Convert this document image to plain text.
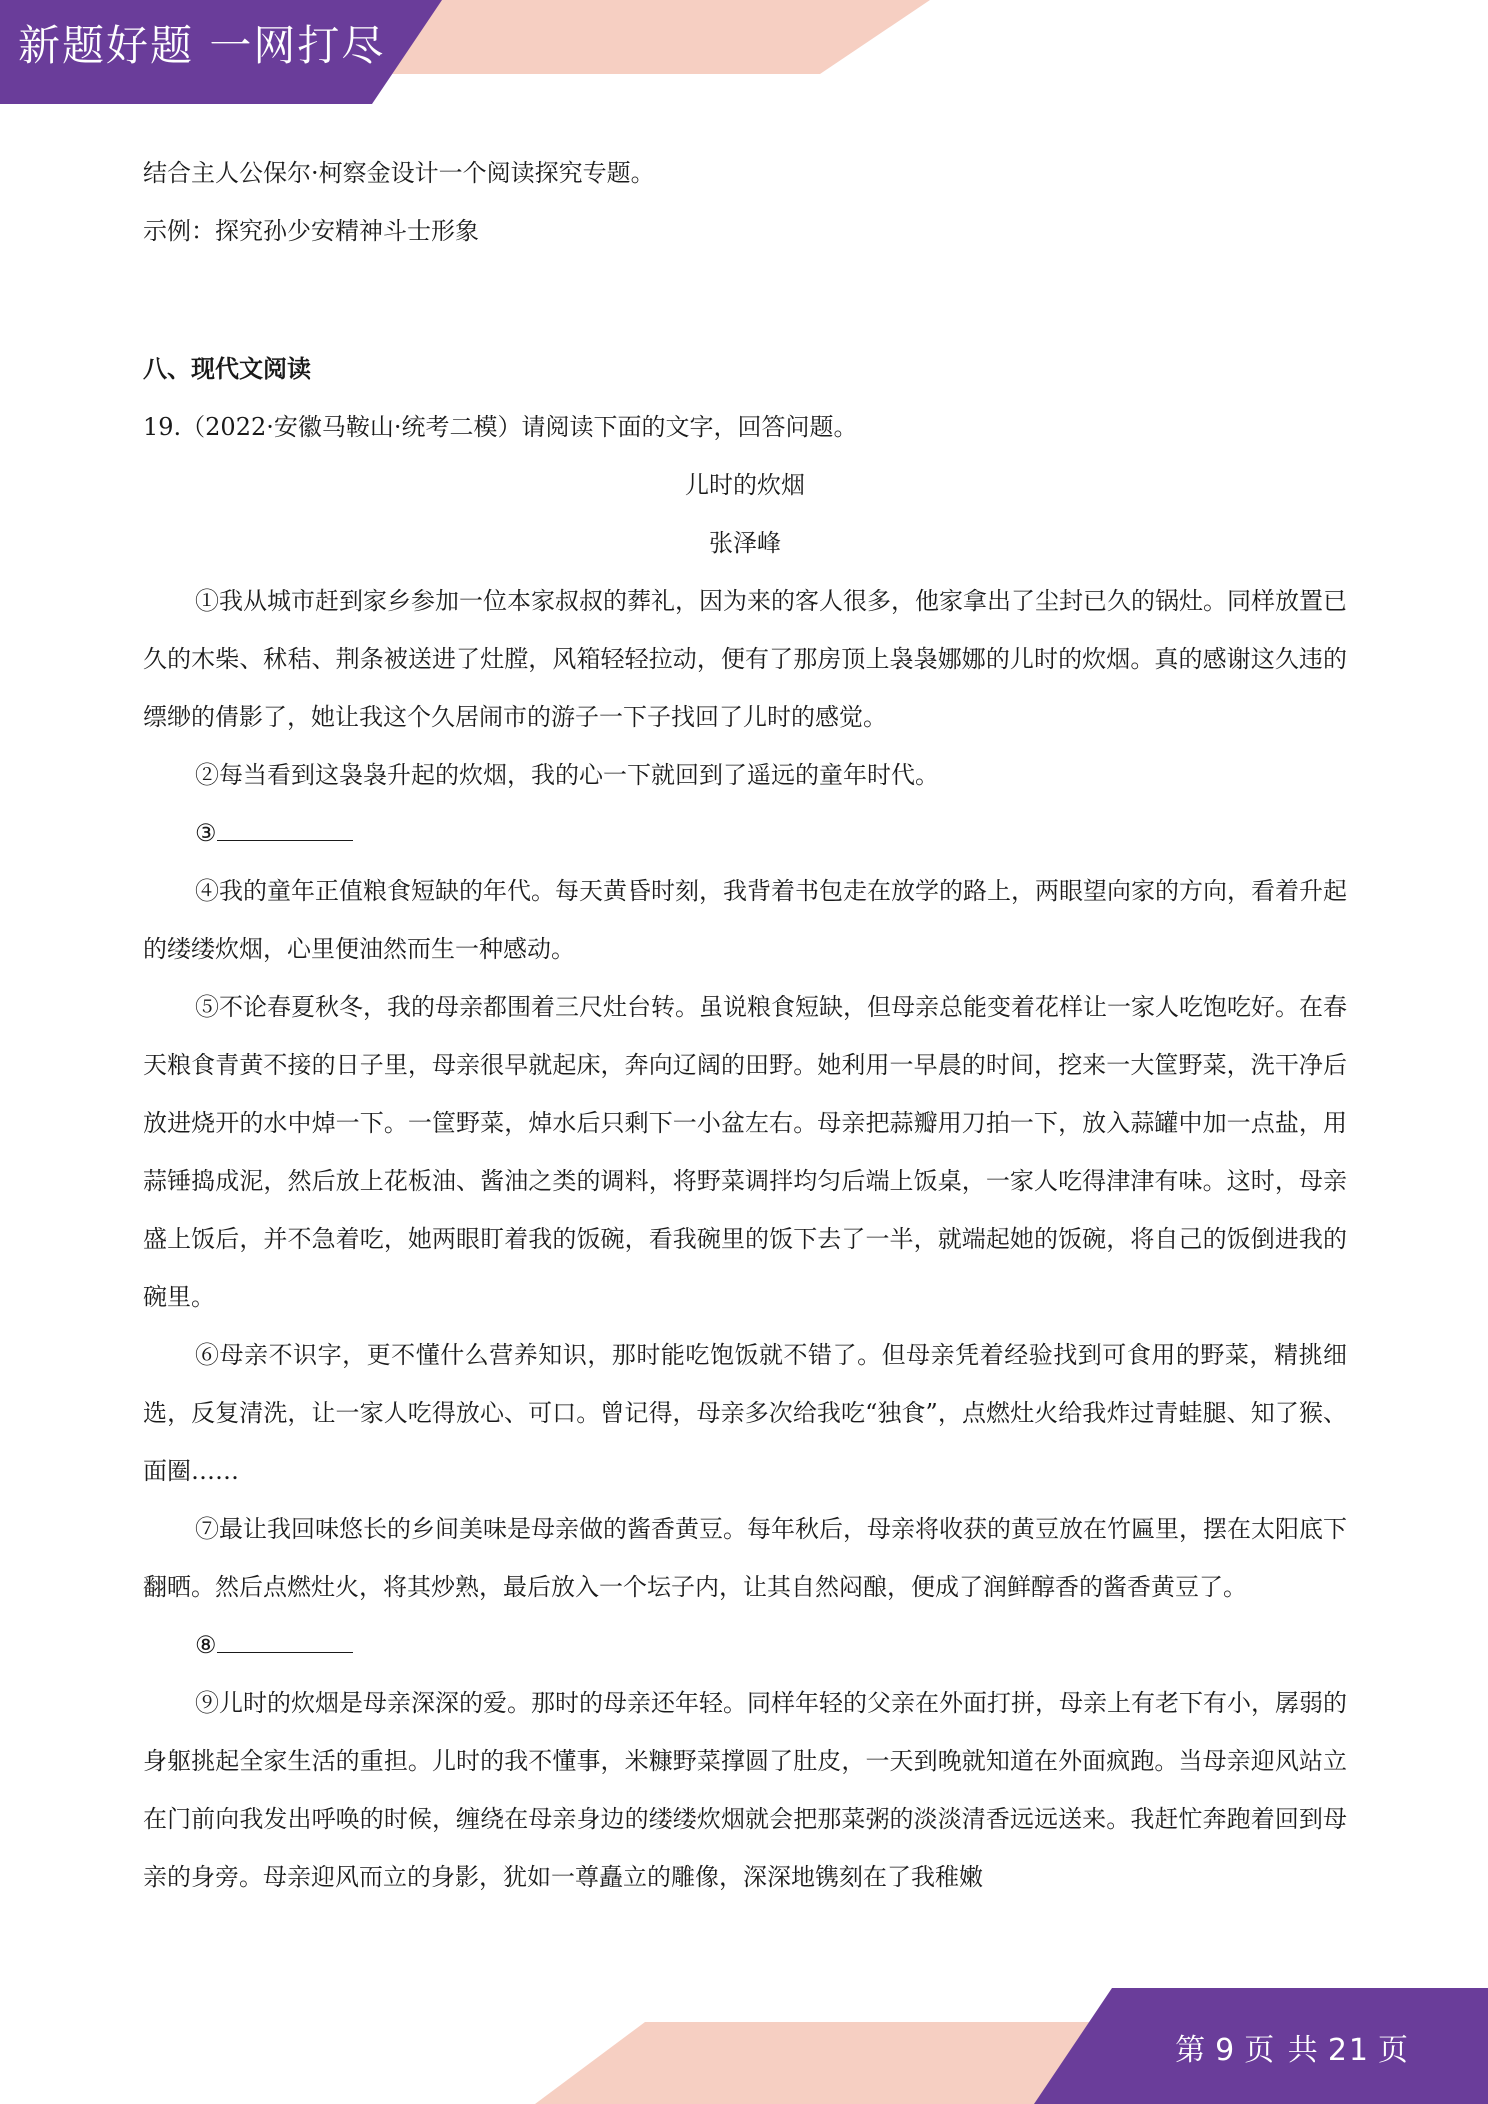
新题好题 一网打尽
结合主人公保尔·柯察金设计一个阅读探究专题。
示例：探究孙少安精神斗士形象
八、现代文阅读
19.（2022·安徽马鞍山·统考二模）请阅读下面的文字，回答问题。
儿时的炊烟
张泽峰

①我从城市赶到家乡参加一位本家叔叔的葬礼，因为来的客人很多，他家拿出了尘封已久的锅灶。同样放置已久的木柴、秫秸、荆条被送进了灶膛，风箱轻轻拉动，便有了那房顶上袅袅娜娜的儿时的炊烟。真的感谢这久违的缥缈的倩影了，她让我这个久居闹市的游子一下子找回了儿时的感觉。

②每当看到这袅袅升起的炊烟，我的心一下就回到了遥远的童年时代。

③

④我的童年正值粮食短缺的年代。每天黄昏时刻，我背着书包走在放学的路上，两眼望向家的方向，看着升起的缕缕炊烟，心里便油然而生一种感动。

⑤不论春夏秋冬，我的母亲都围着三尺灶台转。虽说粮食短缺，但母亲总能变着花样让一家人吃饱吃好。在春天粮食青黄不接的日子里，母亲很早就起床，奔向辽阔的田野。她利用一早晨的时间，挖来一大筐野菜，洗干净后放进烧开的水中焯一下。一筐野菜，焯水后只剩下一小盆左右。母亲把蒜瓣用刀拍一下，放入蒜罐中加一点盐，用蒜锤捣成泥，然后放上花板油、酱油之类的调料，将野菜调拌均匀后端上饭桌，一家人吃得津津有味。这时，母亲盛上饭后，并不急着吃，她两眼盯着我的饭碗，看我碗里的饭下去了一半，就端起她的饭碗，将自己的饭倒进我的碗里。

⑥母亲不识字，更不懂什么营养知识，那时能吃饱饭就不错了。但母亲凭着经验找到可食用的野菜，精挑细选，反复清洗，让一家人吃得放心、可口。曾记得，母亲多次给我吃“独食”，点燃灶火给我炸过青蛙腿、知了猴、面圈……

⑦最让我回味悠长的乡间美味是母亲做的酱香黄豆。每年秋后，母亲将收获的黄豆放在竹匾里，摆在太阳底下翻晒。然后点燃灶火，将其炒熟，最后放入一个坛子内，让其自然闷酿，便成了润鲜醇香的酱香黄豆了。

⑧

⑨儿时的炊烟是母亲深深的爱。那时的母亲还年轻。同样年轻的父亲在外面打拼，母亲上有老下有小，孱弱的身躯挑起全家生活的重担。儿时的我不懂事，米糠野菜撑圆了肚皮，一天到晚就知道在外面疯跑。当母亲迎风站立在门前向我发出呼唤的时候，缠绕在母亲身边的缕缕炊烟就会把那菜粥的淡淡清香远远送来。我赶忙奔跑着回到母亲的身旁。母亲迎风而立的身影，犹如一尊矗立的雕像，深深地镌刻在了我稚嫩

第 9 页 共 21 页
